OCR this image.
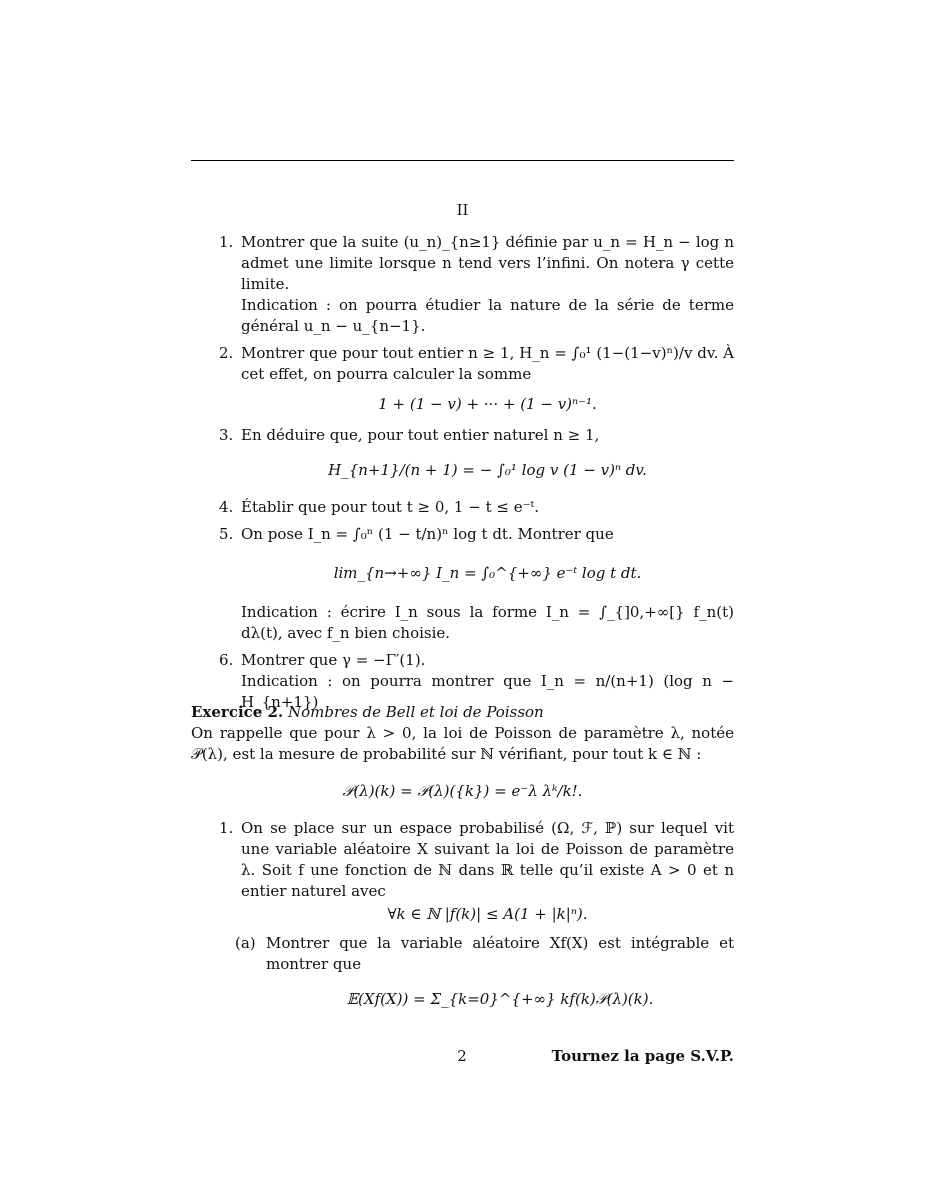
II
1. Montrer que la suite (u_n)_{n≥1} définie par u_n = H_n − log n admet une limite lorsque n tend vers l’infini. On notera γ cette limite.

Indication : on pourra étudier la nature de la série de terme général u_n − u_{n−1}.

2. Montrer que pour tout entier n ≥ 1, H_n = ∫₀¹ (1−(1−v)ⁿ)/v dv. À cet effet, on pourra calculer la somme

1 + (1 − v) + ··· + (1 − v)ⁿ⁻¹.
3. En déduire que, pour tout entier naturel n ≥ 1,

H_{n+1}/(n + 1) = − ∫₀¹ log v (1 − v)ⁿ dv.
4. Établir que pour tout t ≥ 0, 1 − t ≤ e⁻ᵗ.

5. On pose I_n = ∫₀ⁿ (1 − t/n)ⁿ log t dt. Montrer que

lim_{n→+∞} I_n = ∫₀^{+∞} e⁻ᵗ log t dt.

Indication : écrire I_n sous la forme I_n = ∫_{]0,+∞[} f_n(t) dλ(t), avec f_n bien choisie.

6. Montrer que γ = −Γ′(1).

Indication : on pourra montrer que I_n = n/(n+1) (log n − H_{n+1})

Exercice 2. Nombres de Bell et loi de Poisson

On rappelle que pour λ > 0, la loi de Poisson de paramètre λ, notée 𝒫(λ), est la mesure de probabilité sur ℕ vérifiant, pour tout k ∈ ℕ :

𝒫(λ)(k) = 𝒫(λ)({k}) = e⁻λ λᵏ/k!.
1. On se place sur un espace probabilisé (Ω, ℱ, ℙ) sur lequel vit une variable aléatoire X suivant la loi de Poisson de paramètre λ. Soit f une fonction de ℕ dans ℝ telle qu’il existe A > 0 et n entier naturel avec

∀k ∈ ℕ |f(k)| ≤ A(1 + |k|ⁿ).
(a) Montrer que la variable aléatoire Xf(X) est intégrable et montrer que

𝔼(Xf(X)) = Σ_{k=0}^{+∞} kf(k)𝒫(λ)(k).
2	Tournez la page S.V.P.
